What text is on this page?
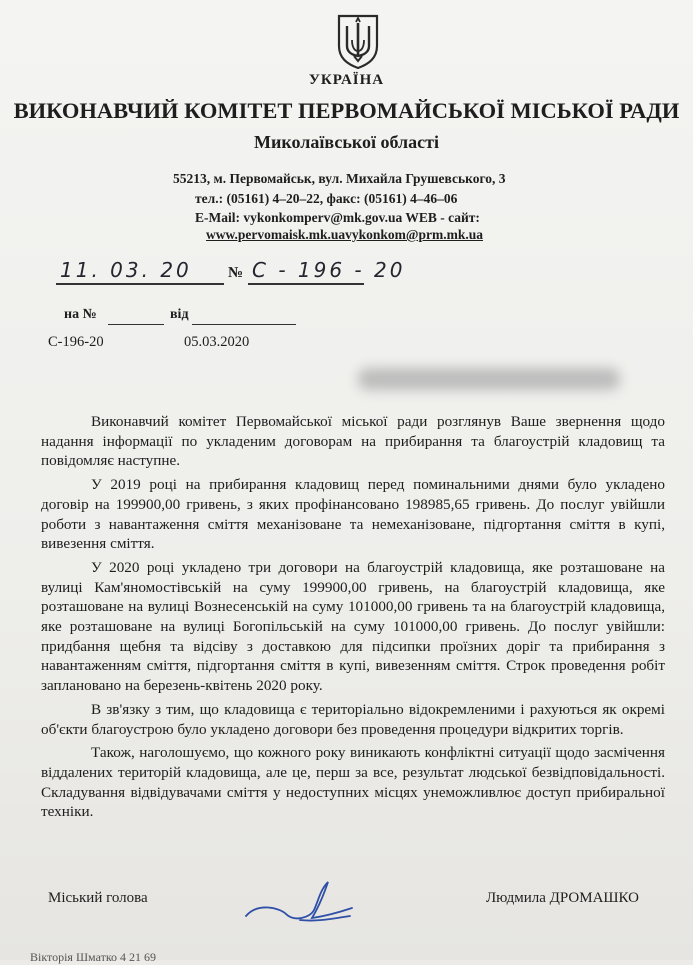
УКРАЇНА
ВИКОНАВЧИЙ КОМІТЕТ ПЕРВОМАЙСЬКОЇ МІСЬКОЇ РАДИ
Миколаївської області
55213, м. Первомайськ, вул. Михайла Грушевського, 3
тел.: (05161) 4–20–22, факс: (05161) 4–46–06
E-Mail: vykonkomperv@mk.gov.ua WEB - сайт:
www.pervomaisk.mk.uavykonkom@prm.mk.ua
11. 03. 20 № С - 196 - 20
на №	від
С-196-20	05.03.2020

Виконавчий комітет Первомайської міської ради розглянув Ваше звернення щодо надання інформації по укладеним договорам на прибирання та благоустрій кладовищ та повідомляє наступне.

У 2019 році на прибирання кладовищ перед поминальними днями було укладено договір на 199900,00 гривень, з яких профінансовано 198985,65 гривень. До послуг увійшли роботи з навантаження сміття механізоване та немеханізоване, підгортання сміття в купі, вивезення сміття.

У 2020 році укладено три договори на благоустрій кладовища, яке розташоване на вулиці Кам'яномостівській на суму 199900,00 гривень, на благоустрій кладовища, яке розташоване на вулиці Вознесенській на суму 101000,00 гривень та на благоустрій кладовища, яке розташоване на вулиці Богопільській на суму 101000,00 гривень. До послуг увійшли: придбання щебня та відсіву з доставкою для підсипки проїзних доріг та прибирання з навантаженням сміття, підгортання сміття в купі, вивезенням сміття. Строк проведення робіт заплановано на березень-квітень 2020 року.

В зв'язку з тим, що кладовища є територіально відокремленими і рахуються як окремі об'єкти благоустрою було укладено договори без проведення процедури відкритих торгів.

Також, наголошуємо, що кожного року виникають конфліктні ситуації щодо засмічення віддалених територій кладовища, але це, перш за все, результат людської безвідповідальності. Складування відвідувачами сміття у недоступних місцях унеможливлює доступ прибиральної техніки.

Міський голова	Людмила ДРОМАШКО
Вікторія Шматко 4 21 69
